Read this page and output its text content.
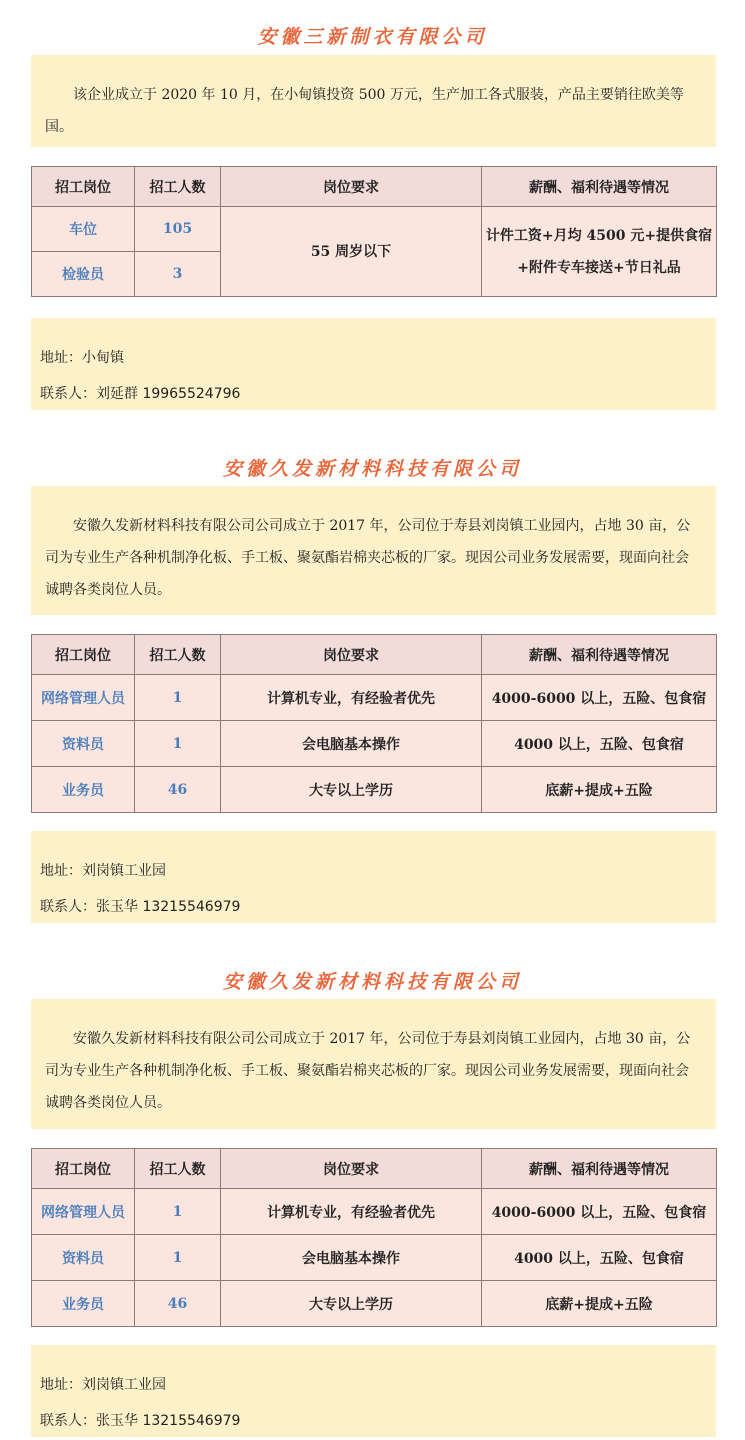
安徽三新制衣有限公司
该企业成立于 2020 年 10 月，在小甸镇投资 500 万元，生产加工各式服装，产品主要销往欧美等国。
招工岗位	招工人数	岗位要求	薪酬、福利待遇等情况
车位	105	55 周岁以下	计件工资+月均 4500 元+提供食宿+附件专车接送+节日礼品
检验员	3		
地址：小甸镇
联系人：刘延群 19965524796
安徽久发新材料科技有限公司
安徽久发新材料科技有限公司公司成立于 2017 年，公司位于寿县刘岗镇工业园内，占地 30 亩，公司为专业生产各种机制净化板、手工板、聚氨酯岩棉夹芯板的厂家。现因公司业务发展需要，现面向社会诚聘各类岗位人员。
招工岗位	招工人数	岗位要求	薪酬、福利待遇等情况
网络管理人员	1	计算机专业，有经验者优先	4000-6000 以上，五险、包食宿
资料员	1	会电脑基本操作	4000 以上，五险、包食宿
业务员	46	大专以上学历	底薪+提成+五险
地址：刘岗镇工业园
联系人：张玉华 13215546979
安徽久发新材料科技有限公司
安徽久发新材料科技有限公司公司成立于 2017 年，公司位于寿县刘岗镇工业园内，占地 30 亩，公司为专业生产各种机制净化板、手工板、聚氨酯岩棉夹芯板的厂家。现因公司业务发展需要，现面向社会诚聘各类岗位人员。
招工岗位	招工人数	岗位要求	薪酬、福利待遇等情况
网络管理人员	1	计算机专业，有经验者优先	4000-6000 以上，五险、包食宿
资料员	1	会电脑基本操作	4000 以上，五险、包食宿
业务员	46	大专以上学历	底薪+提成+五险
地址：刘岗镇工业园
联系人：张玉华 13215546979
